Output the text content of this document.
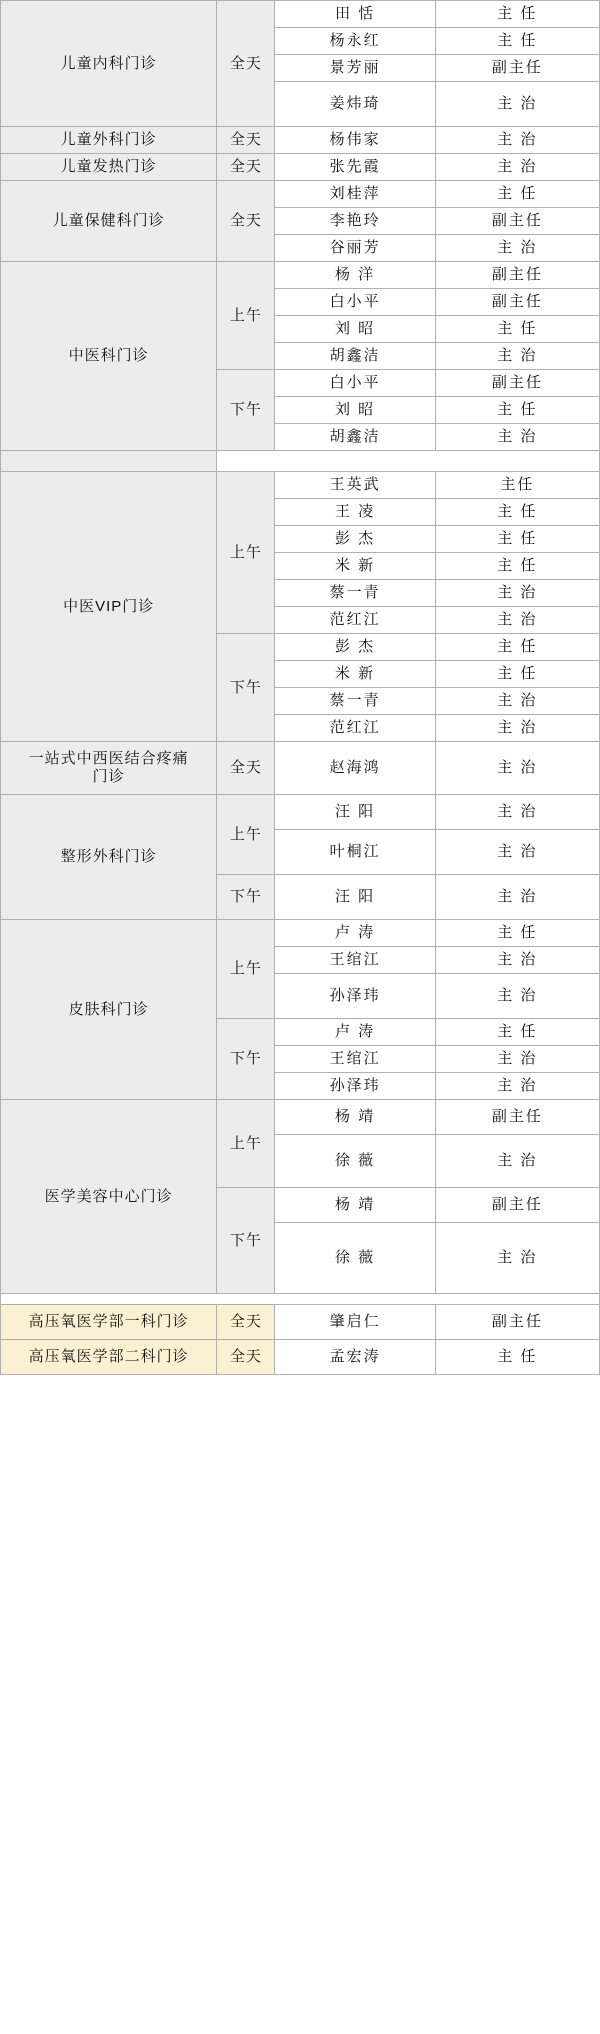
儿童内科门诊	全天	田 恬	主 任
		杨永红	主 任
		景芳丽	副主任
		姜炜琦	主 治
儿童外科门诊	全天	杨伟家	主 治
儿童发热门诊	全天	张先霞	主 治
儿童保健科门诊	全天	刘桂萍	主 任
		李艳玲	副主任
		谷丽芳	主 治
中医科门诊	上午	杨 洋	副主任
		白小平	副主任
		刘 昭	主 任
		胡鑫洁	主 治
	下午	白小平	副主任
		刘 昭	主 任
		胡鑫洁	主 治

中医VIP门诊	上午	王英武	主任
		王 凌	主 任
		彭 杰	主 任
		米 新	主 任
		蔡一青	主 治
		范红江	主 治
	下午	彭 杰	主 任
		米 新	主 任
		蔡一青	主 治
		范红江	主 治
一站式中西医结合疼痛
门诊	全天	赵海鸿	主 治
整形外科门诊	上午	汪 阳	主 治
		叶桐江	主 治
	下午	汪 阳	主 治
皮肤科门诊	上午	卢 涛	主 任
		王绾江	主 治
		孙泽玮	主 治
	下午	卢 涛	主 任
		王绾江	主 治
		孙泽玮	主 治
医学美容中心门诊	上午	杨 靖	副主任
		徐 薇	主 治
	下午	杨 靖	副主任
		徐 薇	主 治

高压氧医学部一科门诊	全天	肇启仁	副主任
高压氧医学部二科门诊	全天	孟宏涛	主 任
